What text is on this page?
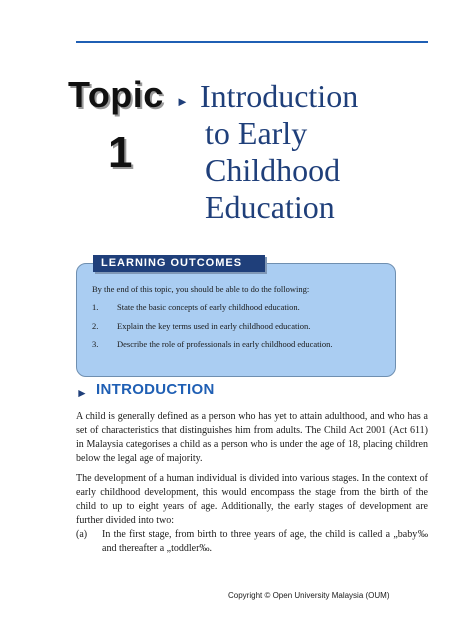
Topic
1
► Introduction
to Early
Childhood
Education
LEARNING OUTCOMES
By the end of this topic, you should be able to do the following:
1. State the basic concepts of early childhood education.
2. Explain the key terms used in early childhood education.
3. Describe the role of professionals in early childhood education.
► INTRODUCTION
A child is generally defined as a person who has yet to attain adulthood, and who has a set of characteristics that distinguishes him from adults. The Child Act 2001 (Act 611) in Malaysia categorises a child as a person who is under the age of 18, placing children below the legal age of majority.
The development of a human individual is divided into various stages. In the context of early childhood development, this would encompass the stage from the birth of the child to up to eight years of age. Additionally, the early stages of development are further divided into two:
(a) In the first stage, from birth to three years of age, the child is called a „baby‰ and thereafter a „toddler‰.
Copyright © Open University Malaysia (OUM)
